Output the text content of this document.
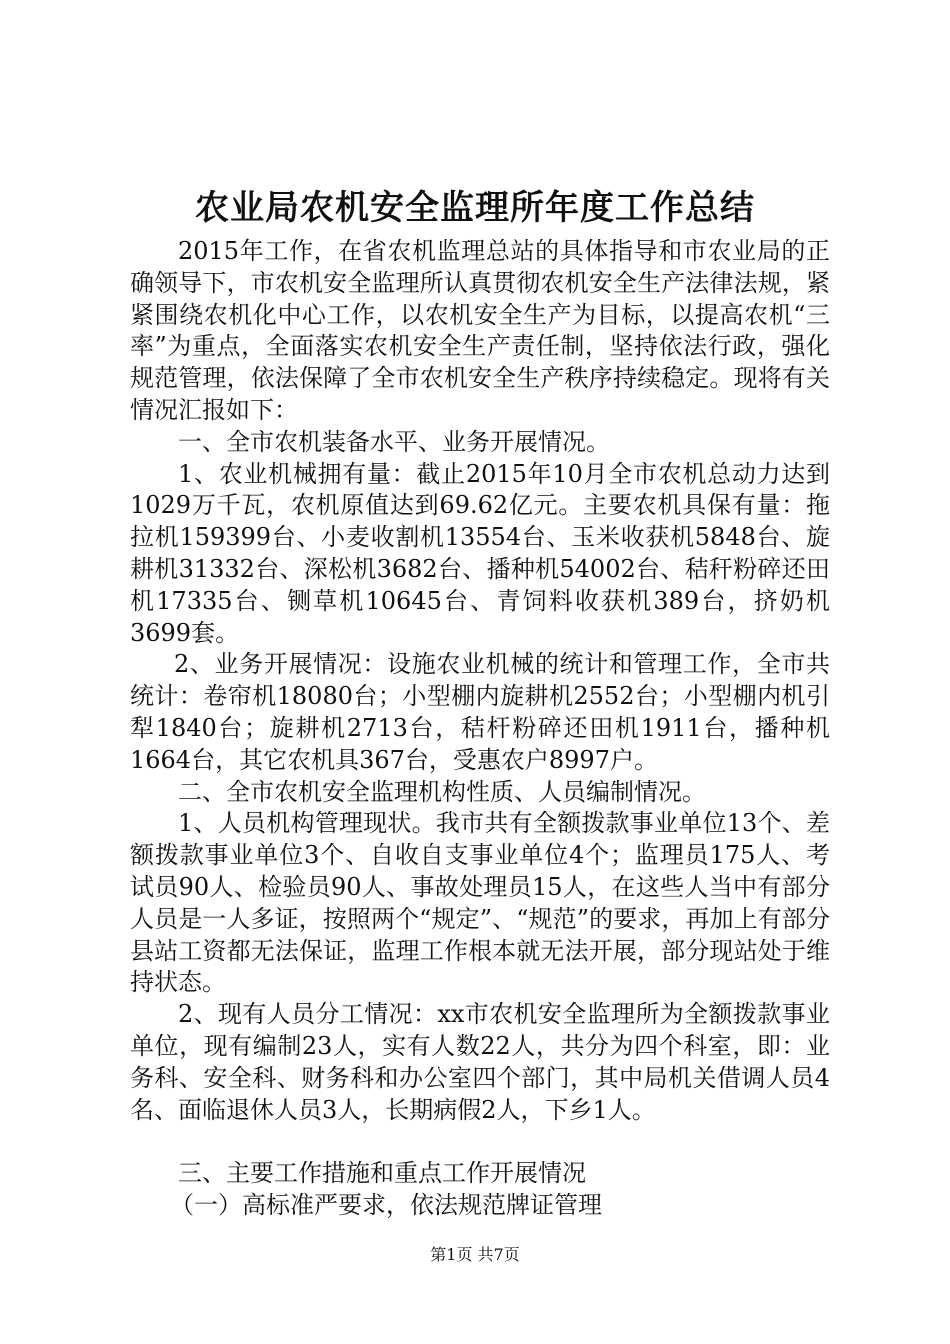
农业局农机安全监理所年度工作总结

2015年工作，在省农机监理总站的具体指导和市农业局的正确领导下，市农机安全监理所认真贯彻农机安全生产法律法规，紧紧围绕农机化中心工作，以农机安全生产为目标，以提高农机“三率”为重点，全面落实农机安全生产责任制，坚持依法行政，强化规范管理，依法保障了全市农机安全生产秩序持续稳定。现将有关情况汇报如下：

一、全市农机装备水平、业务开展情况。

1、农业机械拥有量：截止2015年10月全市农机总动力达到1029万千瓦，农机原值达到69.62亿元。主要农机具保有量：拖拉机159399台、小麦收割机13554台、玉米收获机5848台、旋耕机31332台、深松机3682台、播种机54002台、秸秆粉碎还田机17335台、铡草机10645台、青饲料收获机389台，挤奶机3699套。

2、业务开展情况：设施农业机械的统计和管理工作，全市共统计：卷帘机18080台；小型棚内旋耕机2552台；小型棚内机引犁1840台；旋耕机2713台，秸杆粉碎还田机1911台，播种机1664台，其它农机具367台，受惠农户8997户。

二、全市农机安全监理机构性质、人员编制情况。

1、人员机构管理现状。我市共有全额拨款事业单位13个、差额拨款事业单位3个、自收自支事业单位4个；监理员175人、考试员90人、检验员90人、事故处理员15人，在这些人当中有部分人员是一人多证，按照两个“规定”、“规范”的要求，再加上有部分县站工资都无法保证，监理工作根本就无法开展，部分现站处于维持状态。

2、现有人员分工情况：xx市农机安全监理所为全额拨款事业单位，现有编制23人，实有人数22人，共分为四个科室，即：业务科、安全科、财务科和办公室四个部门，其中局机关借调人员4名、面临退休人员3人，长期病假2人，下乡1人。

三、主要工作措施和重点工作开展情况

（一）高标准严要求，依法规范牌证管理

第1页 共7页
